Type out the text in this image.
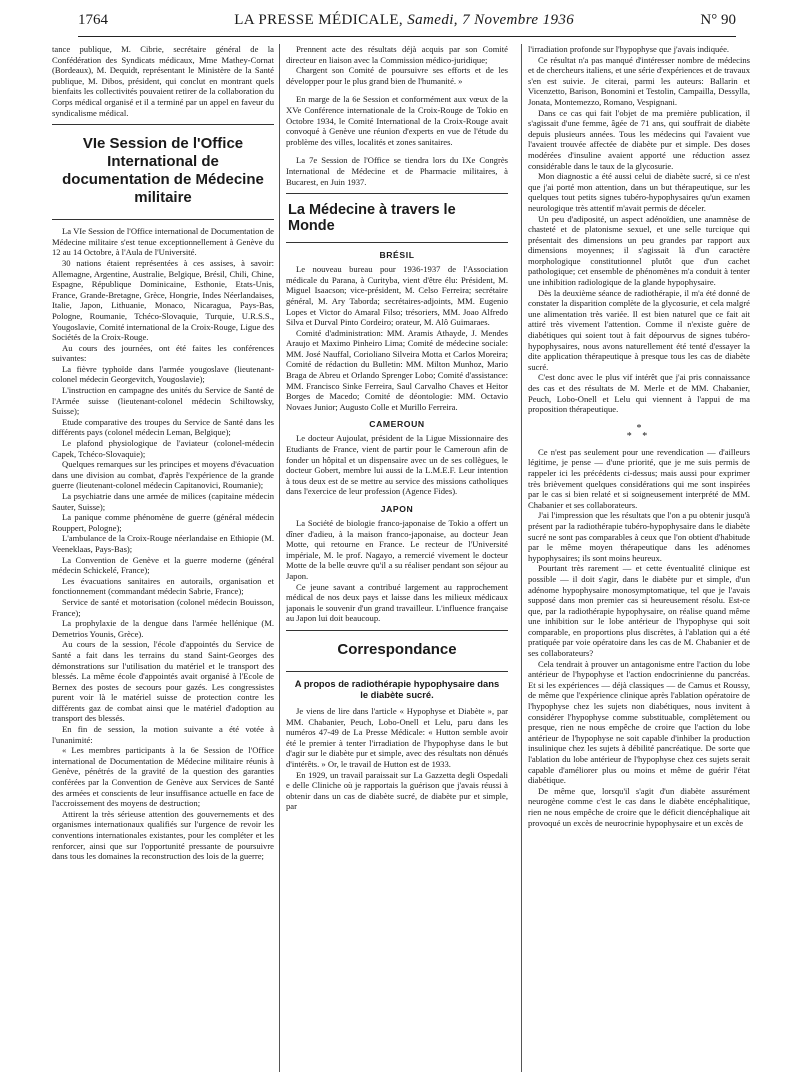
1764	LA PRESSE MÉDICALE, Samedi, 7 Novembre 1936	N° 90

tance publique, M. Cibrie, secrétaire général de la Confédération des Syndicats médicaux, Mme Mathey-Cornat (Bordeaux), M. Dequidt, représentant le Ministère de la Santé publique, M. Dibos, président, qui conclut en montrant quels bienfaits les collectivités pouvaient retirer de la collaboration du Corps médical organisé et il a terminé par un appel en faveur du syndicalisme médical.

VIe Session de l'Office International de documentation de Médecine militaire

La VIe Session de l'Office international de Documentation de Médecine militaire s'est tenue exceptionnellement à Genève du 12 au 14 Octobre, à l'Aula de l'Université.

30 nations étaient représentées à ces assises, à savoir: Allemagne, Argentine, Australie, Belgique, Brésil, Chili, Chine, Espagne, République Dominicaine, Esthonie, Etats-Unis, France, Grande-Bretagne, Grèce, Hongrie, Indes Néerlandaises, Italie, Japon, Lithuanie, Monaco, Nicaragua, Pays-Bas, Pologne, Roumanie, Tchéco-Slovaquie, Turquie, U.R.S.S., Yougoslavie, Comité international de la Croix-Rouge, Ligue des Sociétés de la Croix-Rouge.

Au cours des journées, ont été faites les conférences suivantes:

La fièvre typhoïde dans l'armée yougoslave (lieutenant-colonel médecin Georgevitch, Yougoslavie);

L'instruction en campagne des unités du Service de Santé de l'Armée suisse (lieutenant-colonel médecin Schiltowsky, Suisse);

Etude comparative des troupes du Service de Santé dans les différents pays (colonel médecin Leman, Belgique);

Le plafond physiologique de l'aviateur (colonel-médecin Capek, Tchéco-Slovaquie);

Quelques remarques sur les principes et moyens d'évacuation dans une division au combat, d'après l'expérience de la grande guerre (lieutenant-colonel médecin Capitanovici, Roumanie);

La psychiatrie dans une armée de milices (capitaine médecin Sauter, Suisse);

La panique comme phénomène de guerre (général médecin Rouppert, Pologne);

L'ambulance de la Croix-Rouge néerlandaise en Ethiopie (M. Veeneklaas, Pays-Bas);

La Convention de Genève et la guerre moderne (général médecin Schickelé, France);

Les évacuations sanitaires en autorails, organisation et fonctionnement (commandant médecin Sabrie, France);

Service de santé et motorisation (colonel médecin Bouisson, France);

La prophylaxie de la dengue dans l'armée hellénique (M. Demetrios Younis, Grèce).

Au cours de la session, l'école d'appointés du Service de Santé a fait dans les terrains du stand Saint-Georges des démonstrations sur l'utilisation du matériel et le transport des blessés. La même école d'appointés avait organisé à l'Ecole de Bernex des postes de secours pour gazés. Les congressistes purent voir là le matériel suisse de protection contre les différents gaz de combat ainsi que le matériel d'adoption au transport des blessés.

En fin de session, la motion suivante a été votée à l'unanimité:

« Les membres participants à la 6e Session de l'Office international de Documentation de Médecine militaire réunis à Genève, pénétrés de la gravité de la question des garanties conférées par la Convention de Genève aux Services de Santé des armées et conscients de leur insuffisance actuelle en face de l'accroissement des moyens de destruction;

Attirent la très sérieuse attention des gouvernements et des organismes internationaux qualifiés sur l'urgence de revoir les conventions internationales existantes, pour les compléter et les renforcer, ainsi que sur l'opportunité pressante de poursuivre dans tous les domaines la reconstruction des lois de la guerre;

Prennent acte des résultats déjà acquis par son Comité directeur en liaison avec la Commission médico-juridique;

Chargent son Comité de poursuivre ses efforts et de les développer pour le plus grand bien de l'humanité. »

En marge de la 6e Session et conformément aux vœux de la XVe Conférence internationale de la Croix-Rouge de Tokio en Octobre 1934, le Comité International de la Croix-Rouge avait convoqué à Genève une réunion d'experts en vue de l'étude du problème des villes, localités et zones sanitaires.

La 7e Session de l'Office se tiendra lors du IXe Congrès International de Médecine et de Pharmacie militaires, à Bucarest, en Juin 1937.

La Médecine à travers le Monde
BRÉSIL

Le nouveau bureau pour 1936-1937 de l'Association médicale du Parana, à Curityba, vient d'être élu: Président, M. Miguel Isaacson; vice-président, M. Celso Ferreira; secrétaire général, M. Ary Taborda; secrétaires-adjoints, MM. Eugenio Lopes et Victor do Amaral Filso; trésoriers, MM. Joao Alfredo Silva et Durval Pinto Cordeiro; orateur, M. Alô Guimaraes.

Comité d'administration: MM. Aramis Athayde, J. Mendes Araujo et Maximo Pinheiro Lima; Comité de médecine sociale: MM. José Nauffal, Corioliano Silveira Motta et Carlos Moreira; Comité de rédaction du Bulletin: MM. Milton Munhoz, Mario Braga de Abreu et Orlando Sprenger Lobo; Comité d'assistance: MM. Francisco Sinke Ferreira, Saul Carvalho Chaves et Heitor Borges de Macedo; Comité de déontologie: MM. Octavio Novaes Junior; Augusto Colle et Murillo Ferreira.

CAMEROUN

Le docteur Aujoulat, président de la Ligue Missionnaire des Etudiants de France, vient de partir pour le Cameroun afin de fonder un hôpital et un dispensaire avec un de ses collègues, le docteur Gobert, membre lui aussi de la L.M.E.F. Leur intention à tous deux est de se mettre au service des missions catholiques dans l'exercice de leur profession (Agence Fides).

JAPON

La Société de biologie franco-japonaise de Tokio a offert un dîner d'adieu, à la maison franco-japonaise, au docteur Jean Motte, qui retourne en France. Le recteur de l'Université impériale, M. le prof. Nagayo, a remercié vivement le docteur Motte de la belle œuvre qu'il a su réaliser pendant son séjour au Japon.

Ce jeune savant a contribué largement au rapprochement médical de nos deux pays et laisse dans les milieux médicaux japonais le souvenir d'un grand travailleur. L'influence française au Japon lui doit beaucoup.

Correspondance
A propos de radiothérapie hypophysaire dans le diabète sucré.

Je viens de lire dans l'article « Hypophyse et Diabète », par MM. Chabanier, Peuch, Lobo-Onell et Lelu, paru dans les numéros 47-49 de La Presse Médicale: « Hutton semble avoir été le premier à tenter l'irradiation de l'hypophyse dans le but d'agir sur le diabète pur et simple, avec des résultats non dénués d'intérêts. » Or, le travail de Hutton est de 1933.

En 1929, un travail paraissait sur La Gazzetta degli Ospedali e delle Cliniche où je rapportais la guérison que j'avais réussi à obtenir dans un cas de diabète sucré, de diabète pur et simple, par

l'irradiation profonde sur l'hypophyse que j'avais indiquée.

Ce résultat n'a pas manqué d'intéresser nombre de médecins et de chercheurs italiens, et une série d'expériences et de travaux s'en est suivie. Je citerai, parmi les auteurs: Ballarin et Vicenzetto, Barison, Bonomini et Testolin, Campailla, Dessylla, Jonata, Montemezzo, Romano, Vespignani.

Dans ce cas qui fait l'objet de ma première publication, il s'agissait d'une femme, âgée de 71 ans, qui souffrait de diabète depuis plusieurs années. Tous les médecins qui l'avaient vue l'avaient trouvée affectée de diabète pur et simple. Des doses modérées d'insuline avaient apporté une réduction assez considérable dans le taux de la glycosurie.

Mon diagnostic a été aussi celui de diabète sucré, si ce n'est que j'ai porté mon attention, dans un but thérapeutique, sur les quelques tout petits signes tubéro-hypophysaires qu'un examen neurologique très attentif m'avait permis de déceler.

Un peu d'adiposité, un aspect adénoïdien, une anamnèse de chasteté et de platonisme sexuel, et une selle turcique qui présentait des dimensions un peu grandes par rapport aux dimensions moyennes; il s'agissait là d'un caractère morphologique constitutionnel plutôt que d'un cachet pathologique; cet ensemble de phénomènes m'a conduit à tenter une inhibition radiologique de la glande hypophysaire.

Dès la deuxième séance de radiothérapie, il m'a été donné de constater la disparition complète de la glycosurie, et cela malgré une alimentation très variée. Il est bien naturel que ce fait ait attiré très vivement l'attention. Comme il n'existe guère de diabétiques qui soient tout à fait dépourvus de signes tubéro-hypophysaires, nous avons naturellement été tenté d'essayer la dite application thérapeutique à presque tous les cas de diabète sucré.

C'est donc avec le plus vif intérêt que j'ai pris connaissance des cas et des résultats de M. Merle et de MM. Chabanier, Peuch, Lobo-Onell et Lelu qui viennent à l'appui de ma proposition thérapeutique.

*
* *

Ce n'est pas seulement pour une revendication — d'ailleurs légitime, je pense — d'une priorité, que je me suis permis de rappeler ici les précédents ci-dessus; mais aussi pour exprimer très brièvement quelques considérations qui me sont inspirées par le cas si bien relaté et si soigneusement interprété de MM. Chabanier et ses collaborateurs.

J'ai l'impression que les résultats que l'on a pu obtenir jusqu'à présent par la radiothérapie tubéro-hypophysaire dans le diabète sucré ne sont pas comparables à ceux que l'on obtient d'habitude par le même moyen thérapeutique dans les adénomes hypophysaires; ils sont moins heureux.

Pourtant très rarement — et cette éventualité clinique est possible — il doit s'agir, dans le diabète pur et simple, d'un adénome hypophysaire monosymptomatique, tel que je l'avais supposé dans mon premier cas si heureusement résolu. Est-ce que, par la radiothérapie hypophysaire, on réalise quand même une inhibition sur le lobe antérieur de l'hypophyse qui soit comparable, en proportions plus discrètes, à l'ablation qui a été pratiquée par voie opératoire dans les cas de M. Chabanier et de ses collaborateurs?

Cela tendrait à prouver un antagonisme entre l'action du lobe antérieur de l'hypophyse et l'action endocrinienne du pancréas. Et si les expériences — déjà classiques — de Camus et Roussy, de même que l'expérience clinique après l'ablation opératoire de l'hypophyse chez les sujets non diabétiques, nous invitent à considérer l'hypophyse comme substituable, complètement ou presque, rien ne nous empêche de croire que l'action du lobe antérieur de l'hypophyse ne soit capable d'inhiber la production insulinique chez les sujets à débilité pancréatique. De sorte que l'ablation du lobe antérieur de l'hypophyse chez ces sujets serait capable d'améliorer plus ou moins et même de guérir l'état diabétique.

De même que, lorsqu'il s'agit d'un diabète assurément neurogène comme c'est le cas dans le diabète encéphalitique, rien ne nous empêche de croire que le déficit diencéphalique ait provoqué un excès de neurocrinie hypophysaire et un excès de
